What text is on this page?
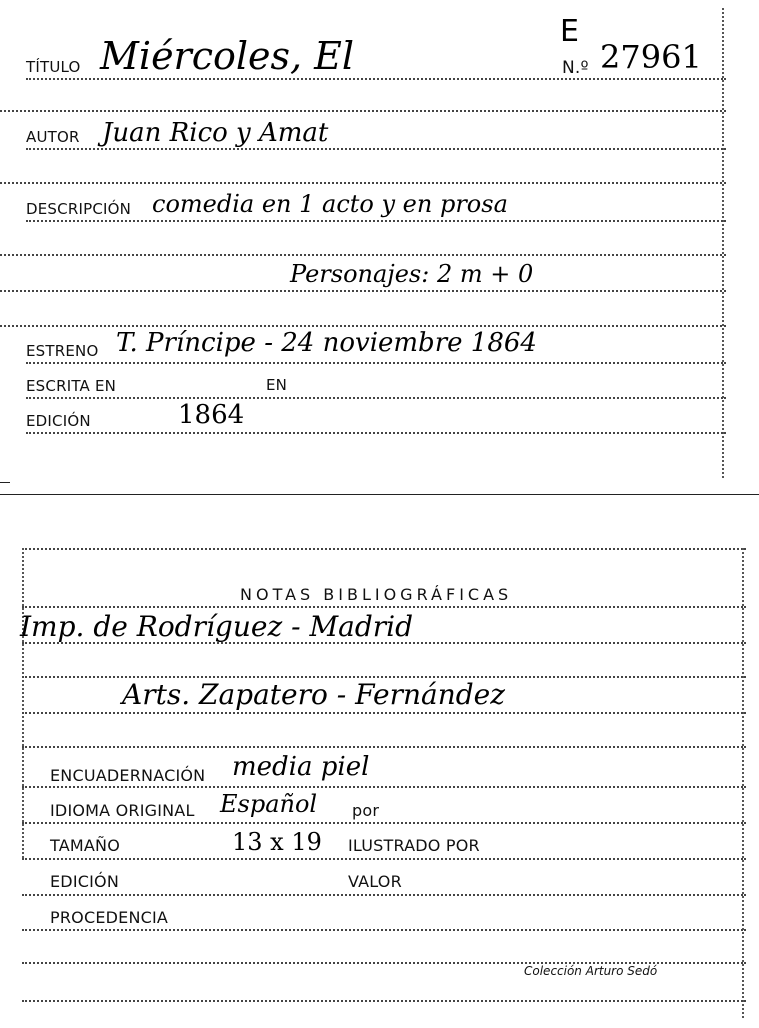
E
TÍTULO Miércoles, El	N.º 27961
AUTOR Juan Rico y Amat
DESCRIPCIÓN comedia en 1 acto y en prosa
Personajes: 2 m + 0
ESTRENO T. Príncipe - 24 noviembre 1864
ESCRITA EN	EN
EDICIÓN	1864
NOTAS BIBLIOGRÁFICAS
Imp. de Rodríguez - Madrid
Arts. Zapatero - Fernández
ENCUADERNACIÓN media piel
IDIOMA ORIGINAL Español por
TAMAÑO	13 x 19 ILUSTRADO POR
EDICIÓN	VALOR
PROCEDENCIA
Colección Arturo Sedó
